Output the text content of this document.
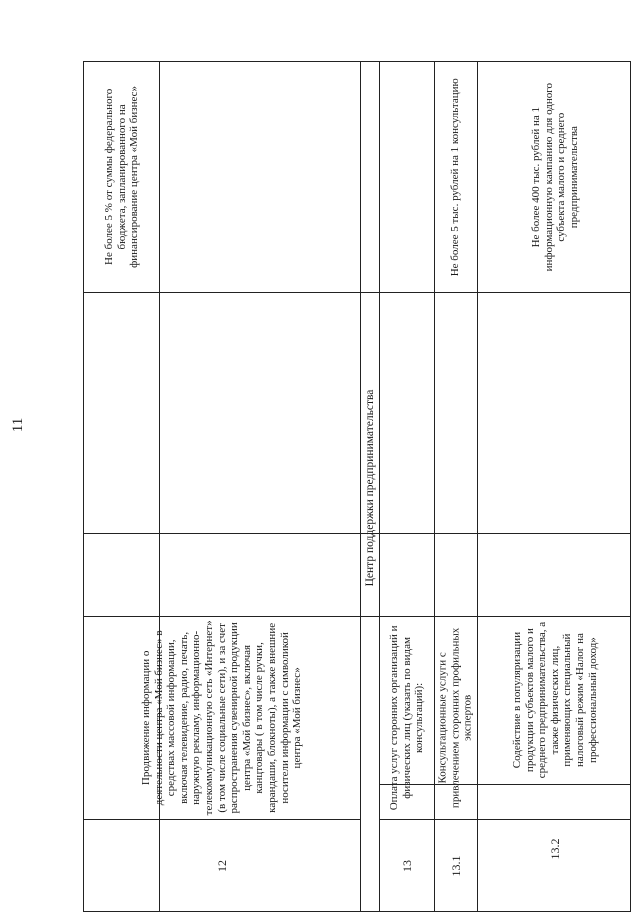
11
Не более 5 % от суммы федерального бюджета, запланированного на финансирование центра «Мой бизнес»
Продвижение информации о деятельности центра «Мой бизнес» в средствах массовой информации, включая телевидение, радио, печать, наружную рекламу, информационно-телекоммуникационную сеть «Интернет» (в том числе социальные сети), и за счет распространения сувенирной продукции центра «Мой бизнес», включая канцтовары ( в том числе ручки, карандаши, блокноты), а также внешние носители информации с символикой центра «Мой бизнес»
12
Центр поддержки предпринимательства
Оплата услуг сторонних организаций и физических лиц (указать по видам консультаций):
13
Не более 5 тыс. рублей на 1 консультацию
Консультационные услуги с привлечением сторонних профильных экспертов
13.1
Не более 400 тыс. рублей на 1 информационную кампанию для одного субъекта малого и среднего предпринимательства
Содействие в популяризации продукции субъектов малого и среднего предпринимательства, а также физических лиц, применяющих специальный налоговый режим «Налог на профессиональный доход»
13.2
